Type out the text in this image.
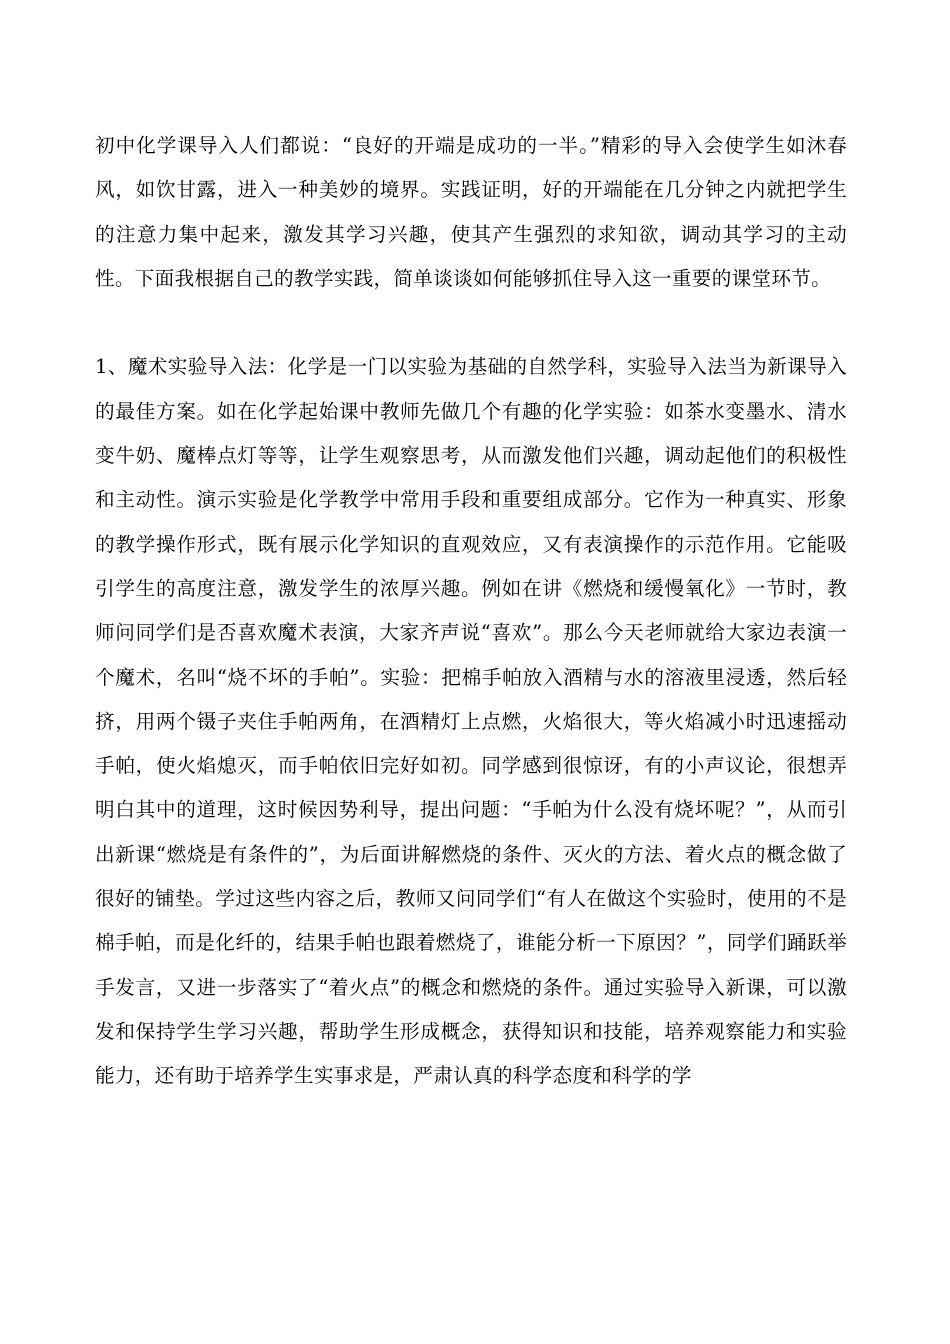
初中化学课导入人们都说：“良好的开端是成功的一半。”精彩的导入会使学生如沐春风，如饮甘露，进入一种美妙的境界。实践证明，好的开端能在几分钟之内就把学生的注意力集中起来，激发其学习兴趣，使其产生强烈的求知欲，调动其学习的主动性。下面我根据自己的教学实践，简单谈谈如何能够抓住导入这一重要的课堂环节。

1、魔术实验导入法：化学是一门以实验为基础的自然学科，实验导入法当为新课导入的最佳方案。如在化学起始课中教师先做几个有趣的化学实验：如茶水变墨水、清水变牛奶、魔棒点灯等等，让学生观察思考，从而激发他们兴趣，调动起他们的积极性和主动性。演示实验是化学教学中常用手段和重要组成部分。它作为一种真实、形象的教学操作形式，既有展示化学知识的直观效应，又有表演操作的示范作用。它能吸引学生的高度注意，激发学生的浓厚兴趣。例如在讲《燃烧和缓慢氧化》一节时，教师问同学们是否喜欢魔术表演，大家齐声说“喜欢”。那么今天老师就给大家边表演一个魔术，名叫“烧不坏的手帕”。实验：把棉手帕放入酒精与水的溶液里浸透，然后轻挤，用两个镊子夹住手帕两角，在酒精灯上点燃，火焰很大，等火焰减小时迅速摇动手帕，使火焰熄灭，而手帕依旧完好如初。同学感到很惊讶，有的小声议论，很想弄明白其中的道理，这时候因势利导，提出问题：“手帕为什么没有烧坏呢？”，从而引出新课“燃烧是有条件的”，为后面讲解燃烧的条件、灭火的方法、着火点的概念做了很好的铺垫。学过这些内容之后，教师又问同学们“有人在做这个实验时，使用的不是棉手帕，而是化纤的，结果手帕也跟着燃烧了，谁能分析一下原因？”，同学们踊跃举手发言，又进一步落实了“着火点”的概念和燃烧的条件。通过实验导入新课，可以激发和保持学生学习兴趣，帮助学生形成概念，获得知识和技能，培养观察能力和实验能力，还有助于培养学生实事求是，严肃认真的科学态度和科学的学
